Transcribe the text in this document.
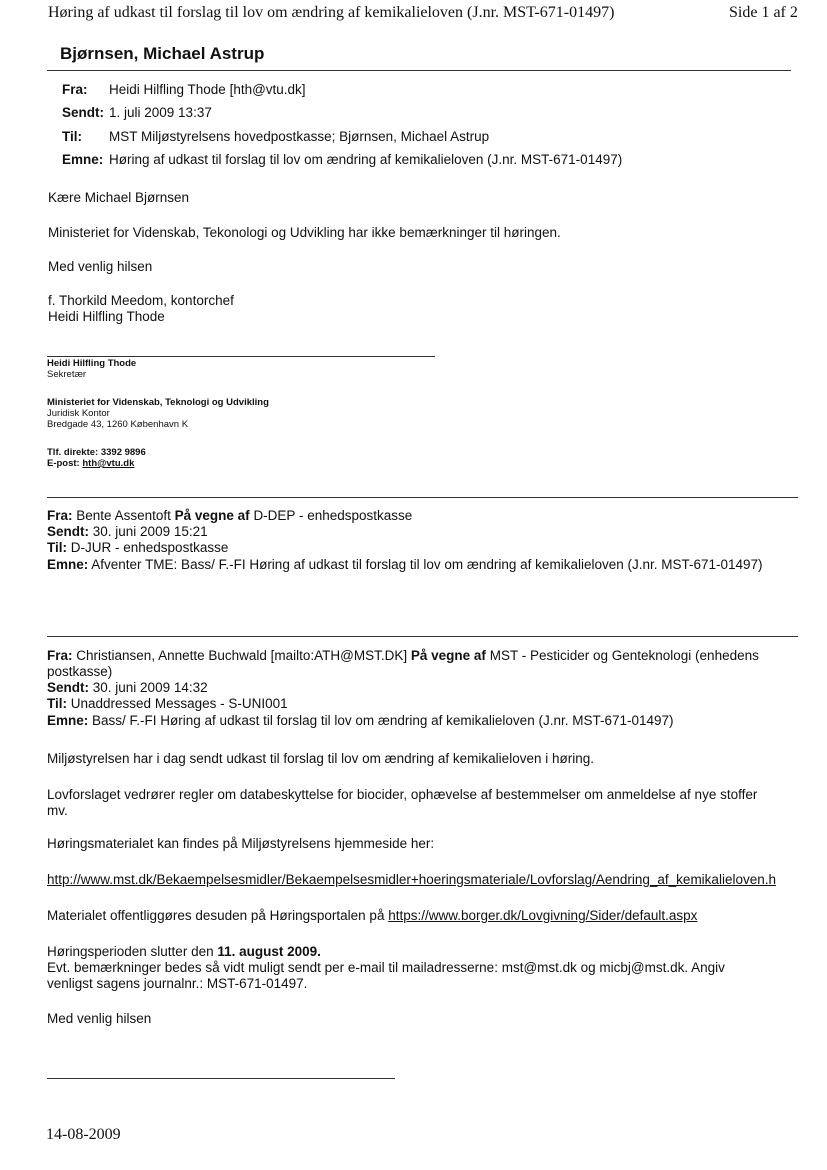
Høring af udkast til forslag til lov om ændring af kemikalieloven (J.nr. MST-671-01497)	Side 1 af 2
Bjørnsen, Michael Astrup
Fra: Heidi Hilfling Thode [hth@vtu.dk]
Sendt: 1. juli 2009 13:37
Til: MST Miljøstyrelsens hovedpostkasse; Bjørnsen, Michael Astrup
Emne: Høring af udkast til forslag til lov om ændring af kemikalieloven (J.nr. MST-671-01497)
Kære Michael Bjørnsen
Ministeriet for Videnskab, Tekonologi og Udvikling har ikke bemærkninger til høringen.
Med venlig hilsen
f. Thorkild Meedom, kontorchef
Heidi Hilfling Thode
Heidi Hilfling Thode
Sekretær
Ministeriet for Videnskab, Teknologi og Udvikling
Juridisk Kontor
Bredgade 43, 1260 København K
Tlf. direkte: 3392 9896
E-post: hth@vtu.dk
Fra: Bente Assentoft På vegne af D-DEP - enhedspostkasse
Sendt: 30. juni 2009 15:21
Til: D-JUR - enhedspostkasse
Emne: Afventer TME: Bass/ F.-FI Høring af udkast til forslag til lov om ændring af kemikalieloven (J.nr. MST-671-01497)
Fra: Christiansen, Annette Buchwald [mailto:ATH@MST.DK] På vegne af MST - Pesticider og Genteknologi (enhedens
postkasse)
Sendt: 30. juni 2009 14:32
Til: Unaddressed Messages - S-UNI001
Emne: Bass/ F.-FI Høring af udkast til forslag til lov om ændring af kemikalieloven (J.nr. MST-671-01497)
Miljøstyrelsen har i dag sendt udkast til forslag til lov om ændring af kemikalieloven i høring.
Lovforslaget vedrører regler om databeskyttelse for biocider, ophævelse af bestemmelser om anmeldelse af nye stoffer
mv.
Høringsmaterialet kan findes på Miljøstyrelsens hjemmeside her:
http://www.mst.dk/Bekaempelsesmidler/Bekaempelsesmidler+hoeringsmateriale/Lovforslag/Aendring_af_kemikalieloven.h
Materialet offentliggøres desuden på Høringsportalen på https://www.borger.dk/Lovgivning/Sider/default.aspx
Høringsperioden slutter den 11. august 2009.
Evt. bemærkninger bedes så vidt muligt sendt per e-mail til mailadresserne: mst@mst.dk og micbj@mst.dk. Angiv
venligst sagens journalnr.: MST-671-01497.
Med venlig hilsen
14-08-2009
